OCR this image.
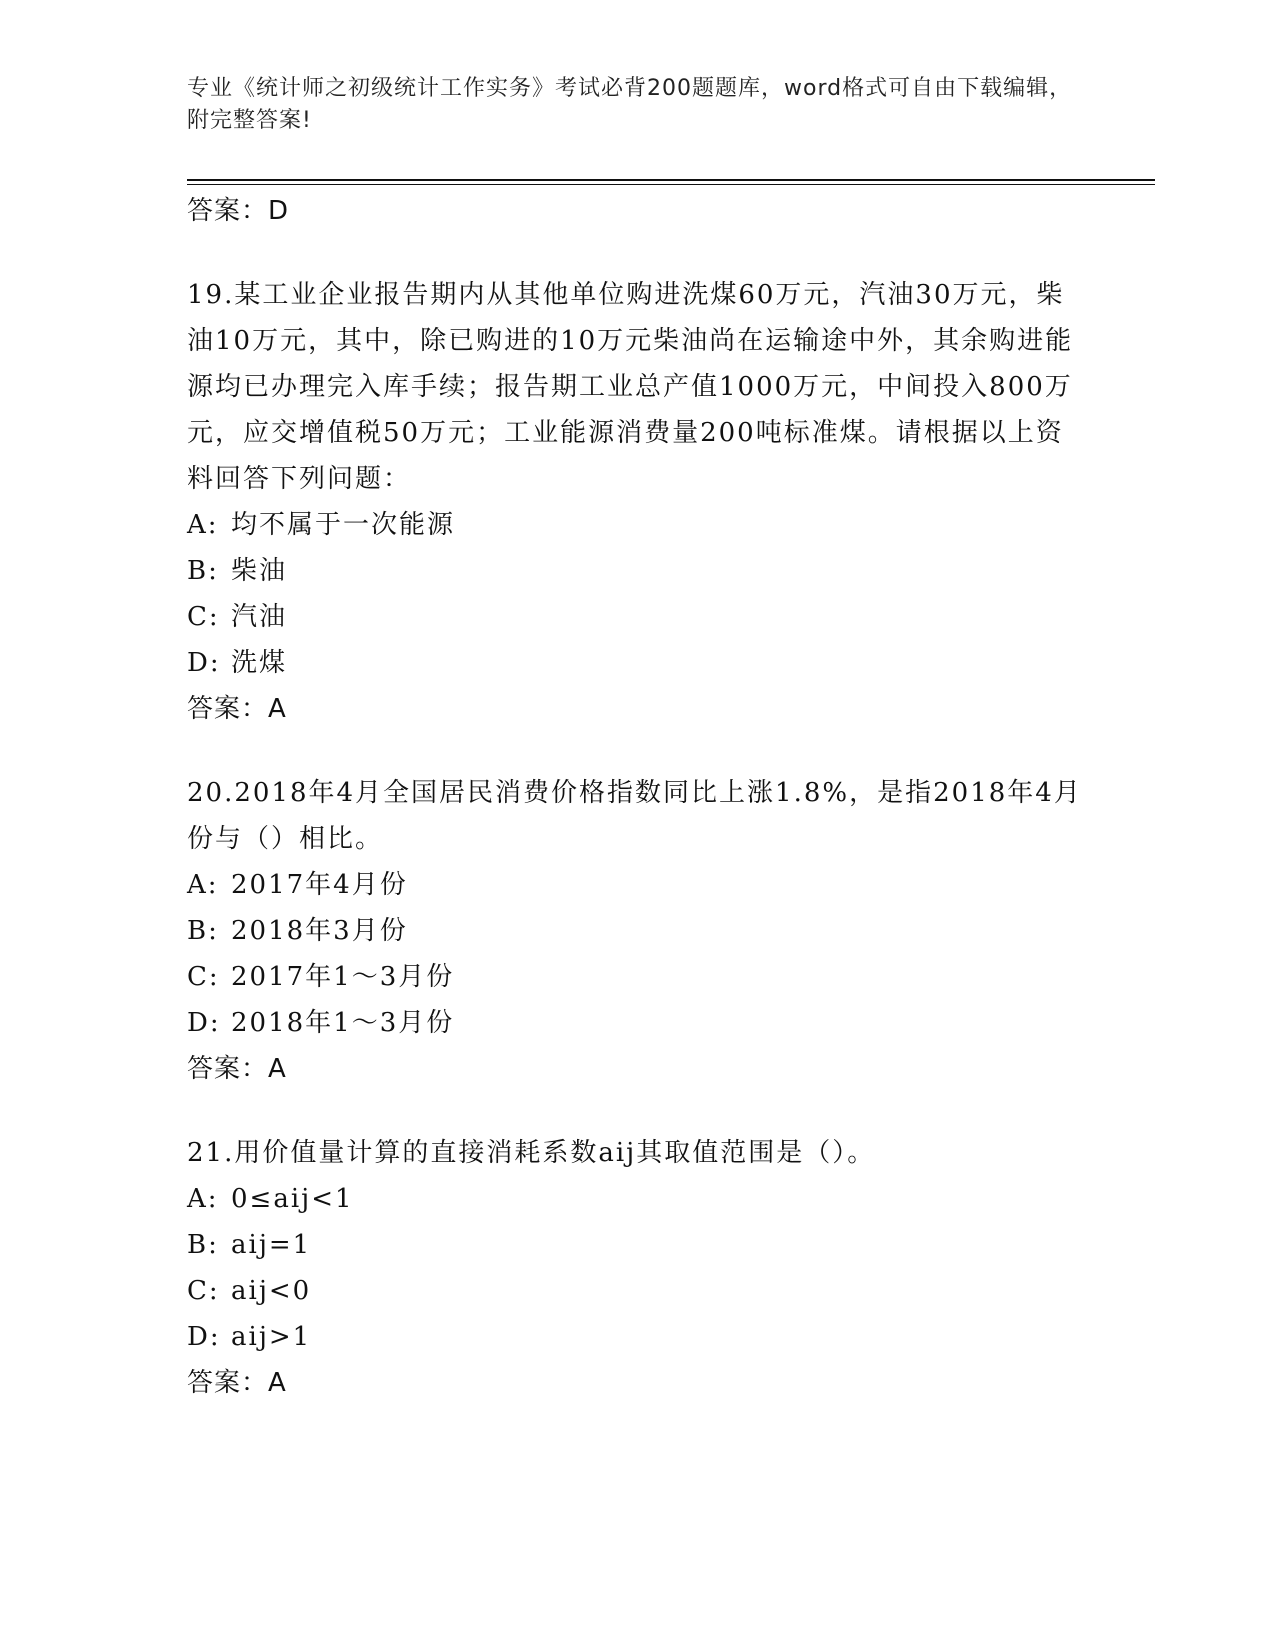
专业《统计师之初级统计工作实务》考试必背200题题库，word格式可自由下载编辑，附完整答案!
答案：D

19.某工业企业报告期内从其他单位购进洗煤60万元，汽油30万元，柴油10万元，其中，除已购进的10万元柴油尚在运输途中外，其余购进能源均已办理完入库手续；报告期工业总产值1000万元，中间投入800万元，应交增值税50万元；工业能源消费量200吨标准煤。请根据以上资料回答下列问题：

A: 均不属于一次能源
B: 柴油
C: 汽油
D: 洗煤
答案：A

20.2018年4月全国居民消费价格指数同比上涨1.8%，是指2018年4月份与（）相比。

A: 2017年4月份
B: 2018年3月份
C: 2017年1～3月份
D: 2018年1～3月份
答案：A

21.用价值量计算的直接消耗系数aij其取值范围是（）。

A: 0≤aij<1
B: aij=1
C: aij<0
D: aij>1
答案：A
